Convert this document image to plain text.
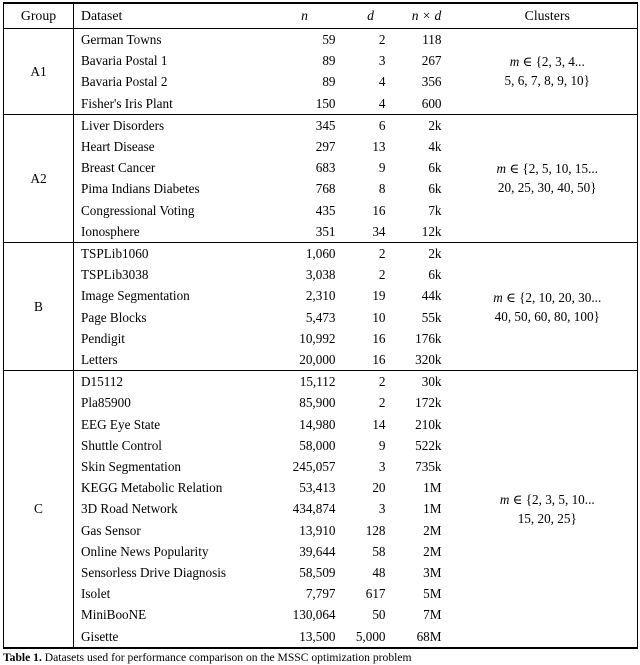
Group	Dataset	n	d	n × d	Clusters
A1	German Towns	59	2	118	m ∈ {2, 3, 4...
5, 6, 7, 8, 9, 10}

	Bavaria Postal 1	89	3	267	
	Bavaria Postal 2	89	4	356	
	Fisher's Iris Plant	150	4	600	
A2	Liver Disorders	345	6	2k	m ∈ {2, 5, 10, 15...
20, 25, 30, 40, 50}

	Heart Disease	297	13	4k	
	Breast Cancer	683	9	6k	
	Pima Indians Diabetes	768	8	6k	
	Congressional Voting	435	16	7k	
	Ionosphere	351	34	12k	
B	TSPLib1060	1,060	2	2k	m ∈ {2, 10, 20, 30...
40, 50, 60, 80, 100}

	TSPLib3038	3,038	2	6k	
	Image Segmentation	2,310	19	44k	
	Page Blocks	5,473	10	55k	
	Pendigit	10,992	16	176k	
	Letters	20,000	16	320k	
C	D15112	15,112	2	30k	m ∈ {2, 3, 5, 10...
15, 20, 25}

	Pla85900	85,900	2	172k	
	EEG Eye State	14,980	14	210k	
	Shuttle Control	58,000	9	522k	
	Skin Segmentation	245,057	3	735k	
	KEGG Metabolic Relation	53,413	20	1M	
	3D Road Network	434,874	3	1M	
	Gas Sensor	13,910	128	2M	
	Online News Popularity	39,644	58	2M	
	Sensorless Drive Diagnosis	58,509	48	3M	
	Isolet	7,797	617	5M	
	MiniBooNE	130,064	50	7M	
	Gisette	13,500	5,000	68M	
Table 1. Datasets used for performance comparison on the MSSC optimization problem
